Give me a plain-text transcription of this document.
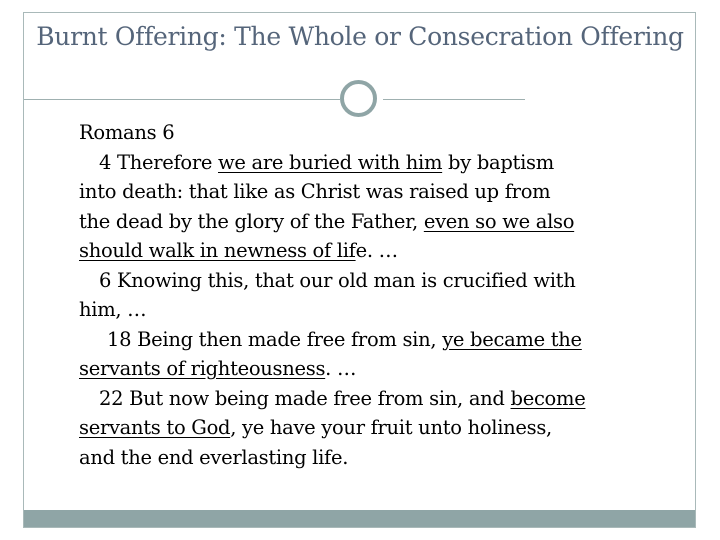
Burnt Offering: The Whole or Consecration Offering
Romans 6
4 Therefore we are buried with him by baptism
into death: that like as Christ was raised up from
the dead by the glory of the Father, even so we also
should walk in newness of life. …
6 Knowing this, that our old man is crucified with
him, …
18 Being then made free from sin, ye became the
servants of righteousness. …
22 But now being made free from sin, and become
servants to God, ye have your fruit unto holiness,
and the end everlasting life.
